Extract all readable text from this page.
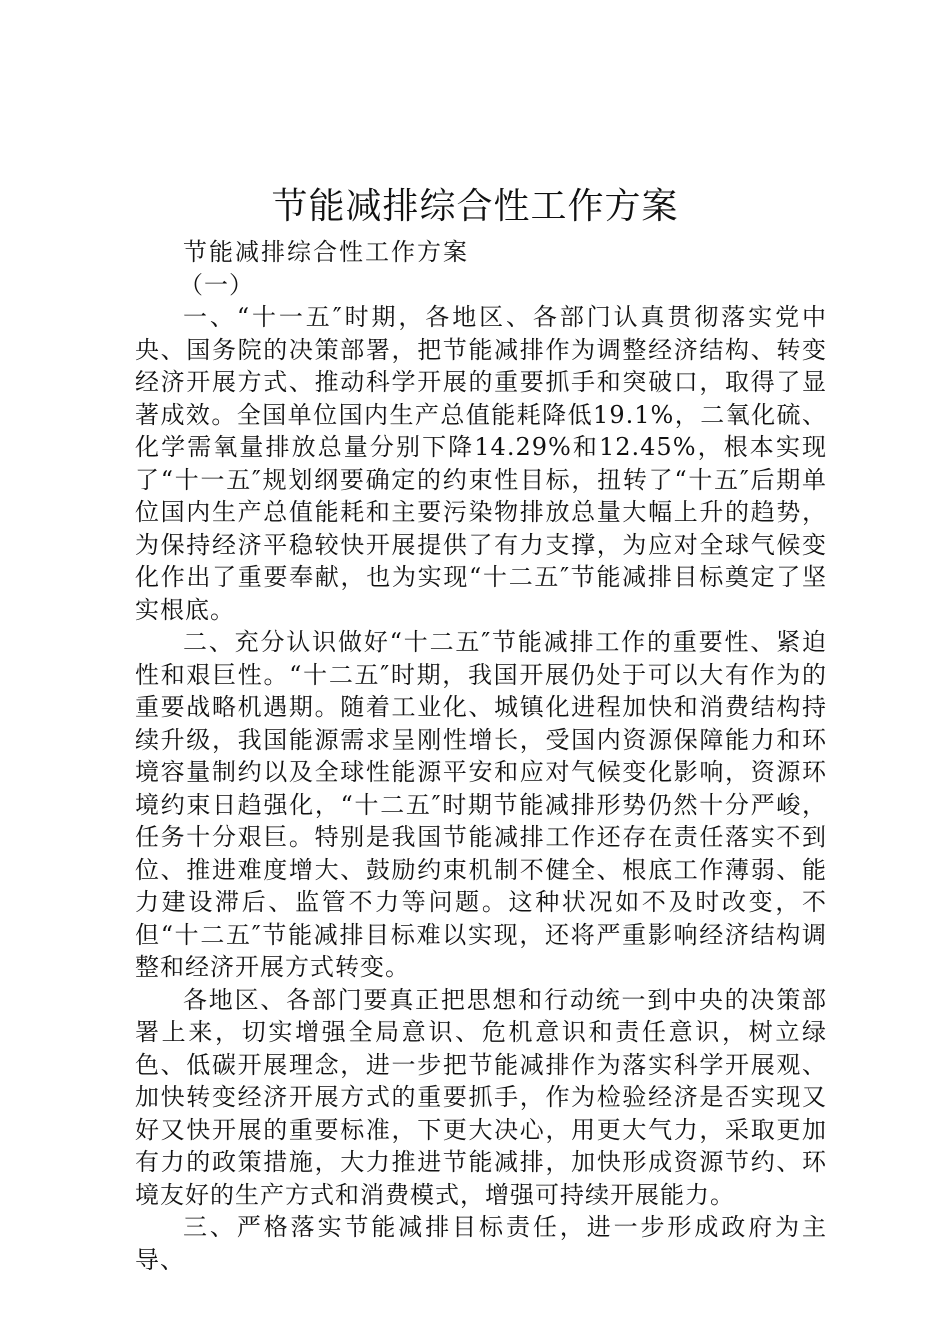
节能减排综合性工作方案

节能减排综合性工作方案

（一）

一、“十一五″时期，各地区、各部门认真贯彻落实党中央、国务院的决策部署，把节能减排作为调整经济结构、转变经济开展方式、推动科学开展的重要抓手和突破口，取得了显著成效。全国单位国内生产总值能耗降低19.1%，二氧化硫、化学需氧量排放总量分别下降14.29%和12.45%，根本实现了“十一五″规划纲要确定的约束性目标，扭转了“十五″后期单位国内生产总值能耗和主要污染物排放总量大幅上升的趋势，为保持经济平稳较快开展提供了有力支撑，为应对全球气候变化作出了重要奉献，也为实现“十二五″节能减排目标奠定了坚实根底。

二、充分认识做好“十二五″节能减排工作的重要性、紧迫性和艰巨性。“十二五″时期，我国开展仍处于可以大有作为的重要战略机遇期。随着工业化、城镇化进程加快和消费结构持续升级，我国能源需求呈刚性增长，受国内资源保障能力和环境容量制约以及全球性能源平安和应对气候变化影响，资源环境约束日趋强化，“十二五″时期节能减排形势仍然十分严峻，任务十分艰巨。特别是我国节能减排工作还存在责任落实不到位、推进难度增大、鼓励约束机制不健全、根底工作薄弱、能力建设滞后、监管不力等问题。这种状况如不及时改变，不但“十二五″节能减排目标难以实现，还将严重影响经济结构调整和经济开展方式转变。

各地区、各部门要真正把思想和行动统一到中央的决策部署上来，切实增强全局意识、危机意识和责任意识，树立绿色、低碳开展理念，进一步把节能减排作为落实科学开展观、加快转变经济开展方式的重要抓手，作为检验经济是否实现又好又快开展的重要标准，下更大决心，用更大气力，采取更加有力的政策措施，大力推进节能减排，加快形成资源节约、环境友好的生产方式和消费模式，增强可持续开展能力。

三、严格落实节能减排目标责任，进一步形成政府为主导、
